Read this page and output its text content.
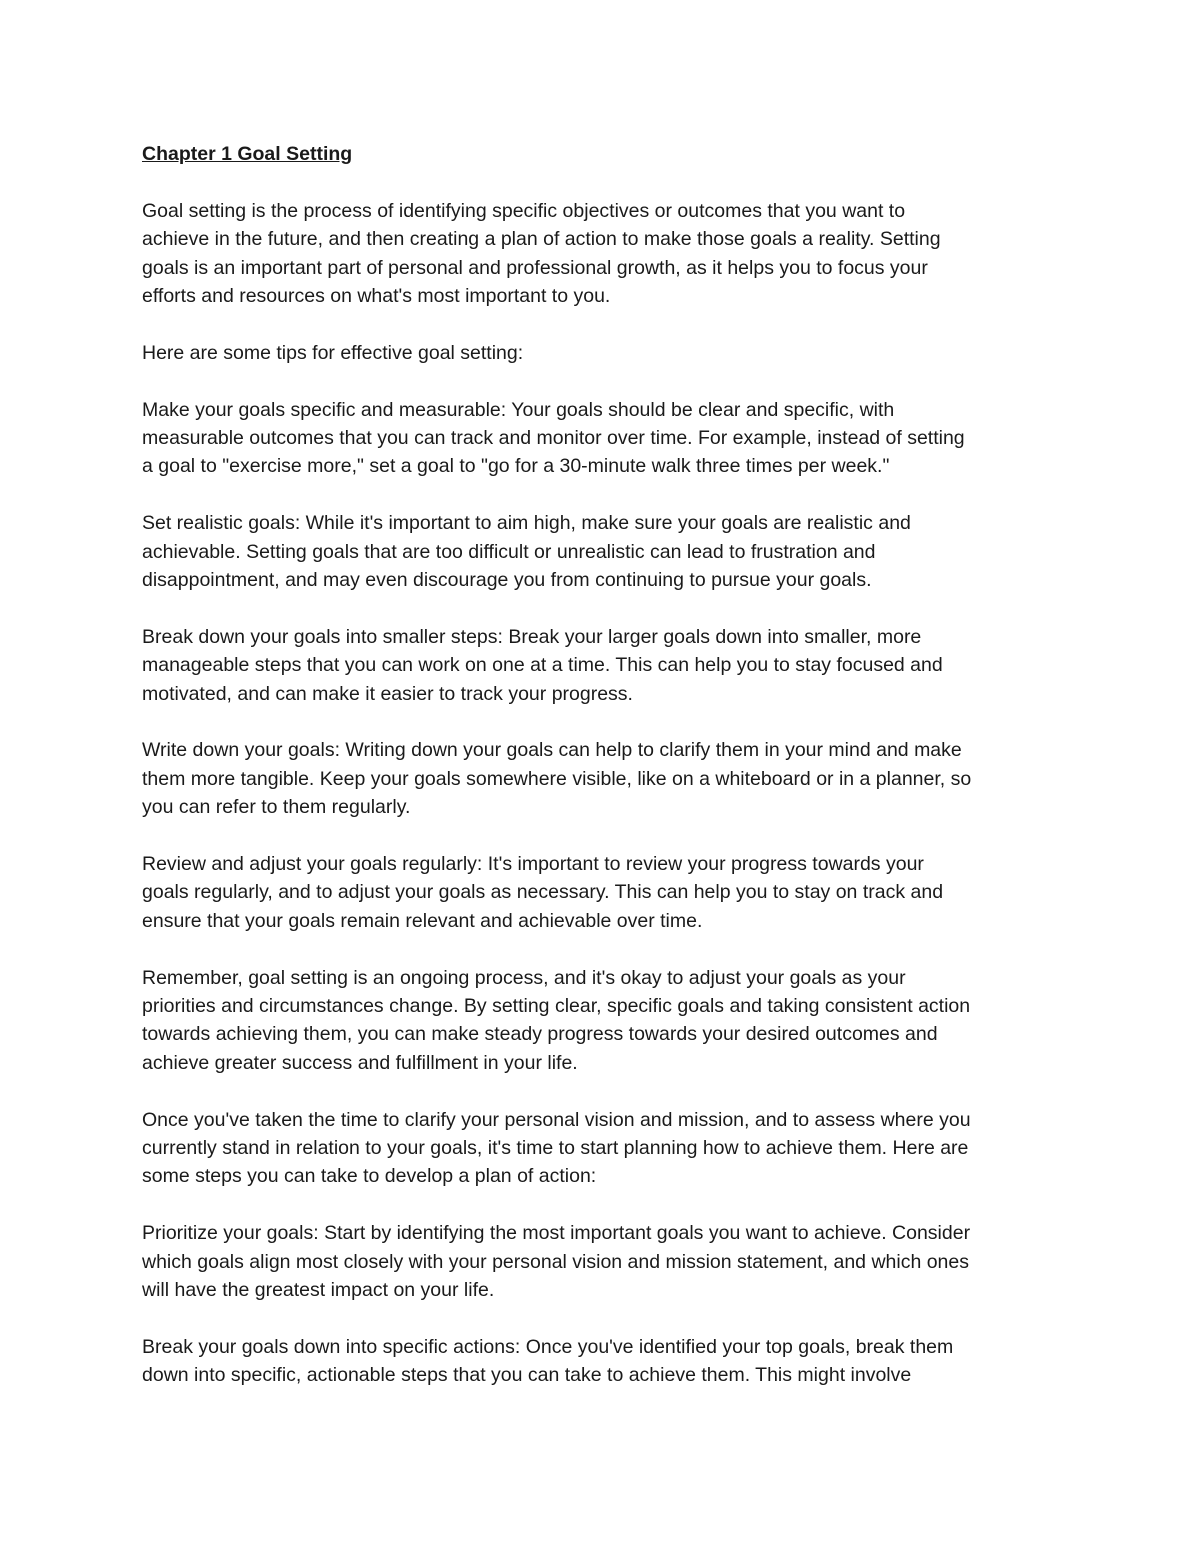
Chapter 1 Goal Setting
Goal setting is the process of identifying specific objectives or outcomes that you want to
achieve in the future, and then creating a plan of action to make those goals a reality. Setting
goals is an important part of personal and professional growth, as it helps you to focus your
efforts and resources on what's most important to you.
Here are some tips for effective goal setting:
Make your goals specific and measurable: Your goals should be clear and specific, with
measurable outcomes that you can track and monitor over time. For example, instead of setting
a goal to "exercise more," set a goal to "go for a 30-minute walk three times per week."
Set realistic goals: While it's important to aim high, make sure your goals are realistic and
achievable. Setting goals that are too difficult or unrealistic can lead to frustration and
disappointment, and may even discourage you from continuing to pursue your goals.
Break down your goals into smaller steps: Break your larger goals down into smaller, more
manageable steps that you can work on one at a time. This can help you to stay focused and
motivated, and can make it easier to track your progress.
Write down your goals: Writing down your goals can help to clarify them in your mind and make
them more tangible. Keep your goals somewhere visible, like on a whiteboard or in a planner, so
you can refer to them regularly.
Review and adjust your goals regularly: It's important to review your progress towards your
goals regularly, and to adjust your goals as necessary. This can help you to stay on track and
ensure that your goals remain relevant and achievable over time.
Remember, goal setting is an ongoing process, and it's okay to adjust your goals as your
priorities and circumstances change. By setting clear, specific goals and taking consistent action
towards achieving them, you can make steady progress towards your desired outcomes and
achieve greater success and fulfillment in your life.
Once you've taken the time to clarify your personal vision and mission, and to assess where you
currently stand in relation to your goals, it's time to start planning how to achieve them. Here are
some steps you can take to develop a plan of action:
Prioritize your goals: Start by identifying the most important goals you want to achieve. Consider
which goals align most closely with your personal vision and mission statement, and which ones
will have the greatest impact on your life.
Break your goals down into specific actions: Once you've identified your top goals, break them
down into specific, actionable steps that you can take to achieve them. This might involve
